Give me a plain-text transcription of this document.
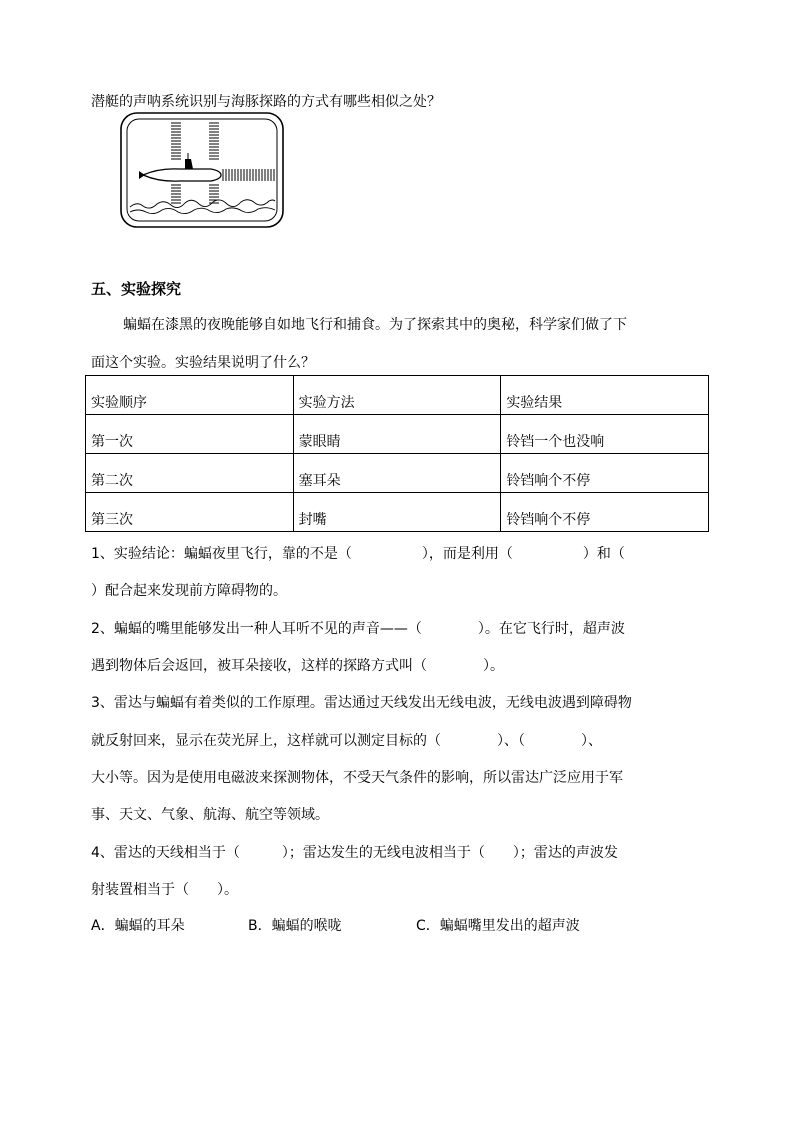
潜艇的声呐系统识别与海豚探路的方式有哪些相似之处？
五、实验探究
蝙蝠在漆黑的夜晚能够自如地飞行和捕食。为了探索其中的奥秘，科学家们做了下
面这个实验。实验结果说明了什么？
实验顺序	实验方法	实验结果
第一次	蒙眼睛	铃铛一个也没响
第二次	塞耳朵	铃铛响个不停
第三次	封嘴	铃铛响个不停
1、实验结论：蝙蝠夜里飞行，靠的不是（　　　　　），而是利用（　　　　　）和（
）配合起来发现前方障碍物的。
2、蝙蝠的嘴里能够发出一种人耳听不见的声音——（　　　　）。在它飞行时，超声波
遇到物体后会返回，被耳朵接收，这样的探路方式叫（　　　　）。
3、雷达与蝙蝠有着类似的工作原理。雷达通过天线发出无线电波，无线电波遇到障碍物
就反射回来，显示在荧光屏上，这样就可以测定目标的（　　　　）、（　　　　）、
大小等。因为是使用电磁波来探测物体，不受天气条件的影响，所以雷达广泛应用于军
事、天文、气象、航海、航空等领域。
4、雷达的天线相当于（　　　）；雷达发生的无线电波相当于（　　）；雷达的声波发
射装置相当于（　　）。
A．蝙蝠的耳朵	B．蝙蝠的喉咙	C．蝙蝠嘴里发出的超声波
